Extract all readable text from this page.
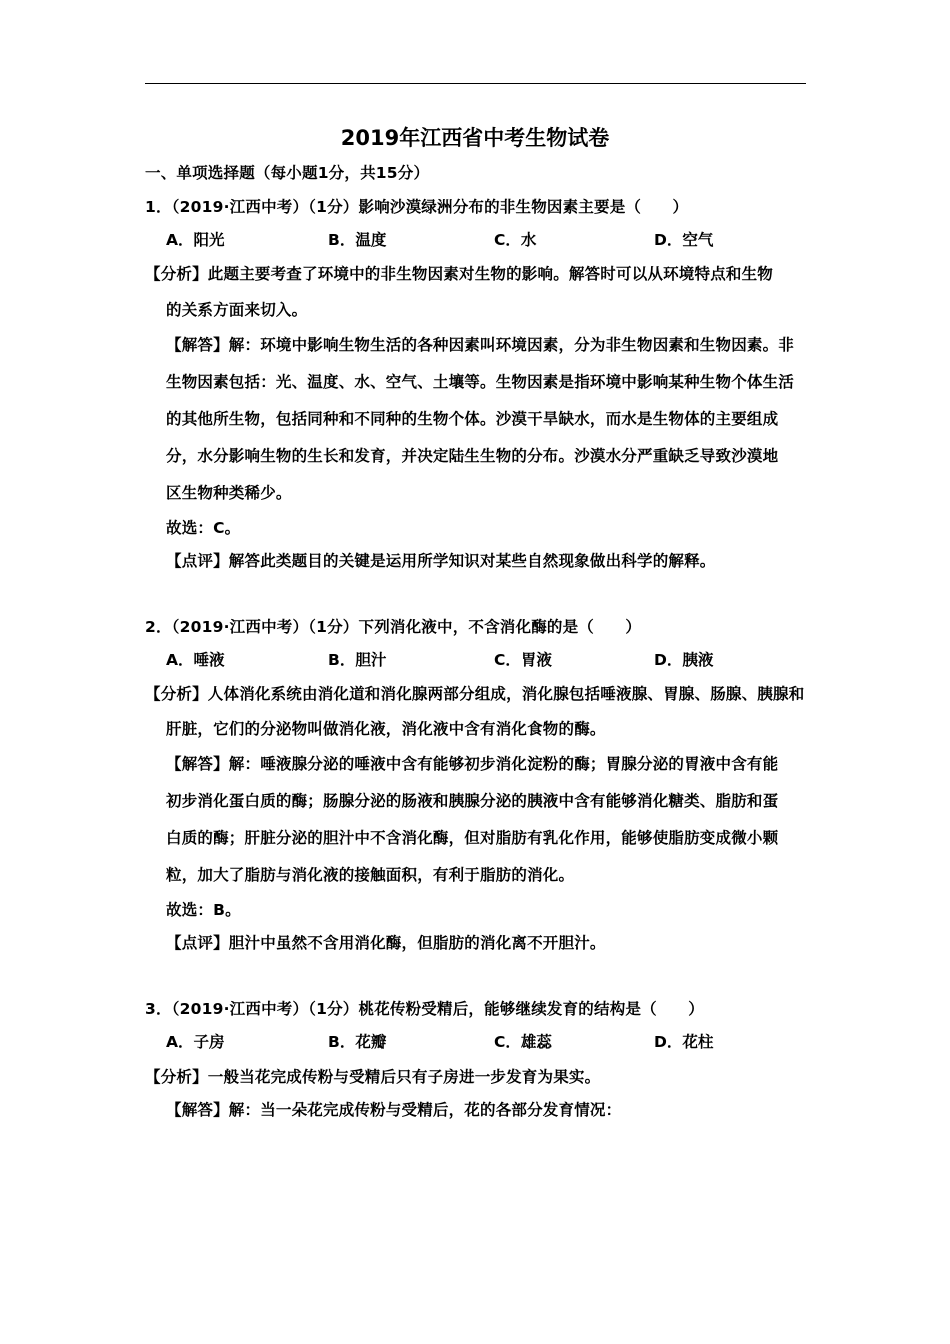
2019年江西省中考生物试卷
一、单项选择题（每小题1分，共15分）
1．（2019·江西中考）（1分）影响沙漠绿洲分布的非生物因素主要是（　　）
A．阳光	B．温度	C．水	D．空气
【分析】此题主要考查了环境中的非生物因素对生物的影响。解答时可以从环境特点和生物
的关系方面来切入。
【解答】解：环境中影响生物生活的各种因素叫环境因素，分为非生物因素和生物因素。非
生物因素包括：光、温度、水、空气、土壤等。生物因素是指环境中影响某种生物个体生活
的其他所生物，包括同种和不同种的生物个体。沙漠干旱缺水，而水是生物体的主要组成
分，水分影响生物的生长和发育，并决定陆生生物的分布。沙漠水分严重缺乏导致沙漠地
区生物种类稀少。
故选：C。
【点评】解答此类题目的关键是运用所学知识对某些自然现象做出科学的解释。
2．（2019·江西中考）（1分）下列消化液中，不含消化酶的是（　　）
A．唾液	B．胆汁	C．胃液	D．胰液
【分析】人体消化系统由消化道和消化腺两部分组成，消化腺包括唾液腺、胃腺、肠腺、胰腺和
肝脏，它们的分泌物叫做消化液，消化液中含有消化食物的酶。
【解答】解：唾液腺分泌的唾液中含有能够初步消化淀粉的酶；胃腺分泌的胃液中含有能
初步消化蛋白质的酶；肠腺分泌的肠液和胰腺分泌的胰液中含有能够消化糖类、脂肪和蛋
白质的酶；肝脏分泌的胆汁中不含消化酶，但对脂肪有乳化作用，能够使脂肪变成微小颗
粒，加大了脂肪与消化液的接触面积，有利于脂肪的消化。
故选：B。
【点评】胆汁中虽然不含用消化酶，但脂肪的消化离不开胆汁。
3．（2019·江西中考）（1分）桃花传粉受精后，能够继续发育的结构是（　　）
A．子房	B．花瓣	C．雄蕊	D．花柱
【分析】一般当花完成传粉与受精后只有子房进一步发育为果实。
【解答】解：当一朵花完成传粉与受精后，花的各部分发育情况：
